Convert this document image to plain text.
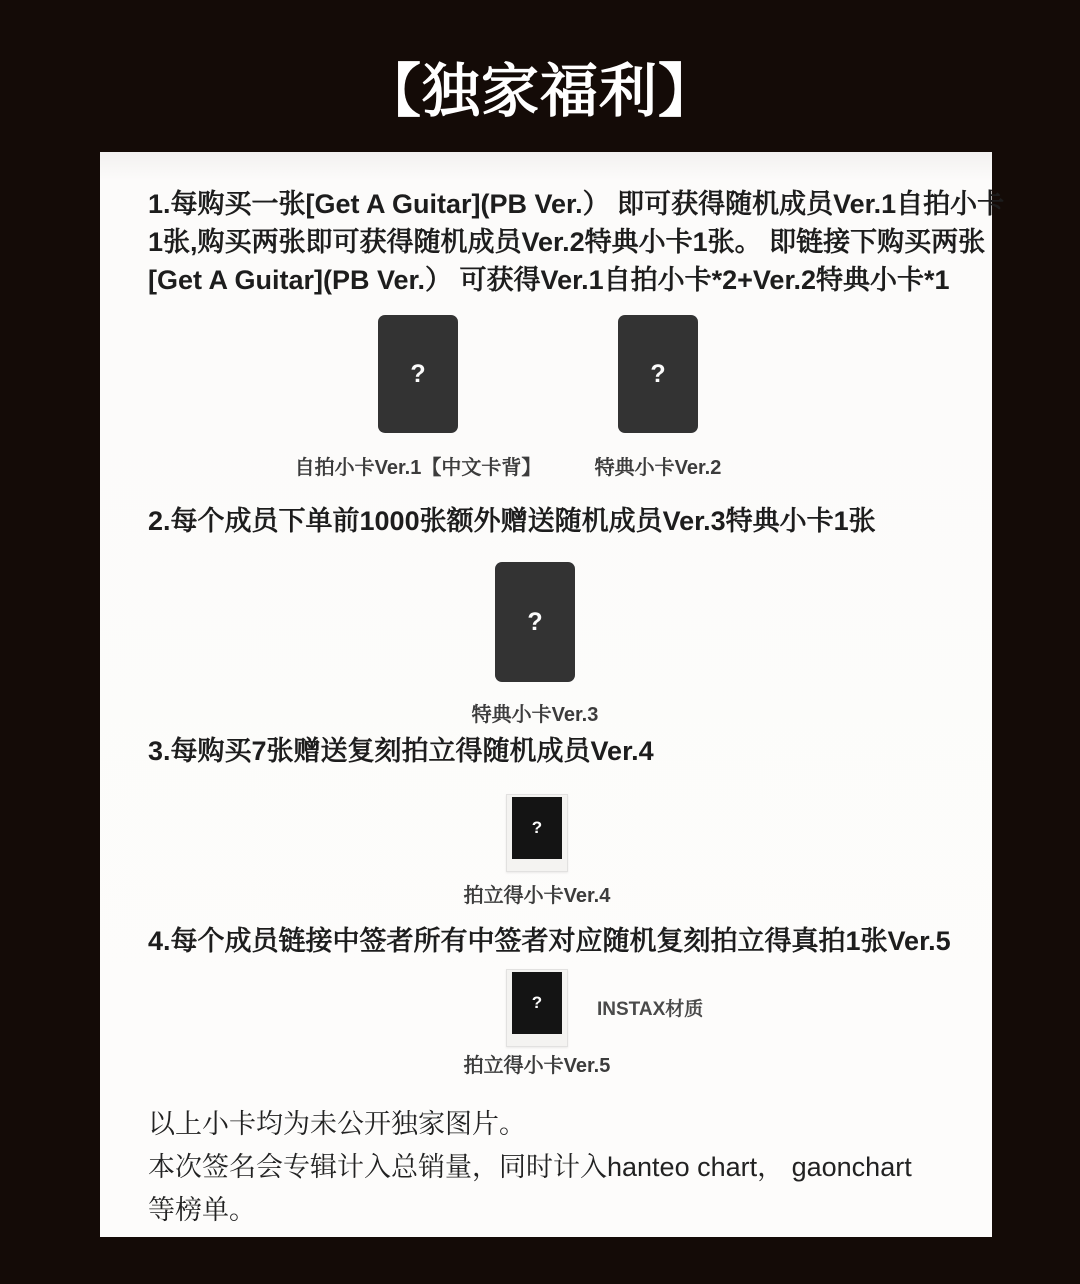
【独家福利】
1.每购买一张[Get A Guitar](PB Ver.） 即可获得随机成员Ver.1自拍小卡
1张,购买两张即可获得随机成员Ver.2特典小卡1张。 即链接下购买两张
[Get A Guitar](PB Ver.） 可获得Ver.1自拍小卡*2+Ver.2特典小卡*1
?	?
自拍小卡Ver.1【中文卡背】	特典小卡Ver.2
2.每个成员下单前1000张额外赠送随机成员Ver.3特典小卡1张
?
特典小卡Ver.3
3.每购买7张赠送复刻拍立得随机成员Ver.4
?
拍立得小卡Ver.4
4.每个成员链接中签者所有中签者对应随机复刻拍立得真拍1张Ver.5
?	INSTAX材质
拍立得小卡Ver.5
以上小卡均为未公开独家图片。
本次签名会专辑计入总销量，同时计入hanteo chart， gaonchart
等榜单。
